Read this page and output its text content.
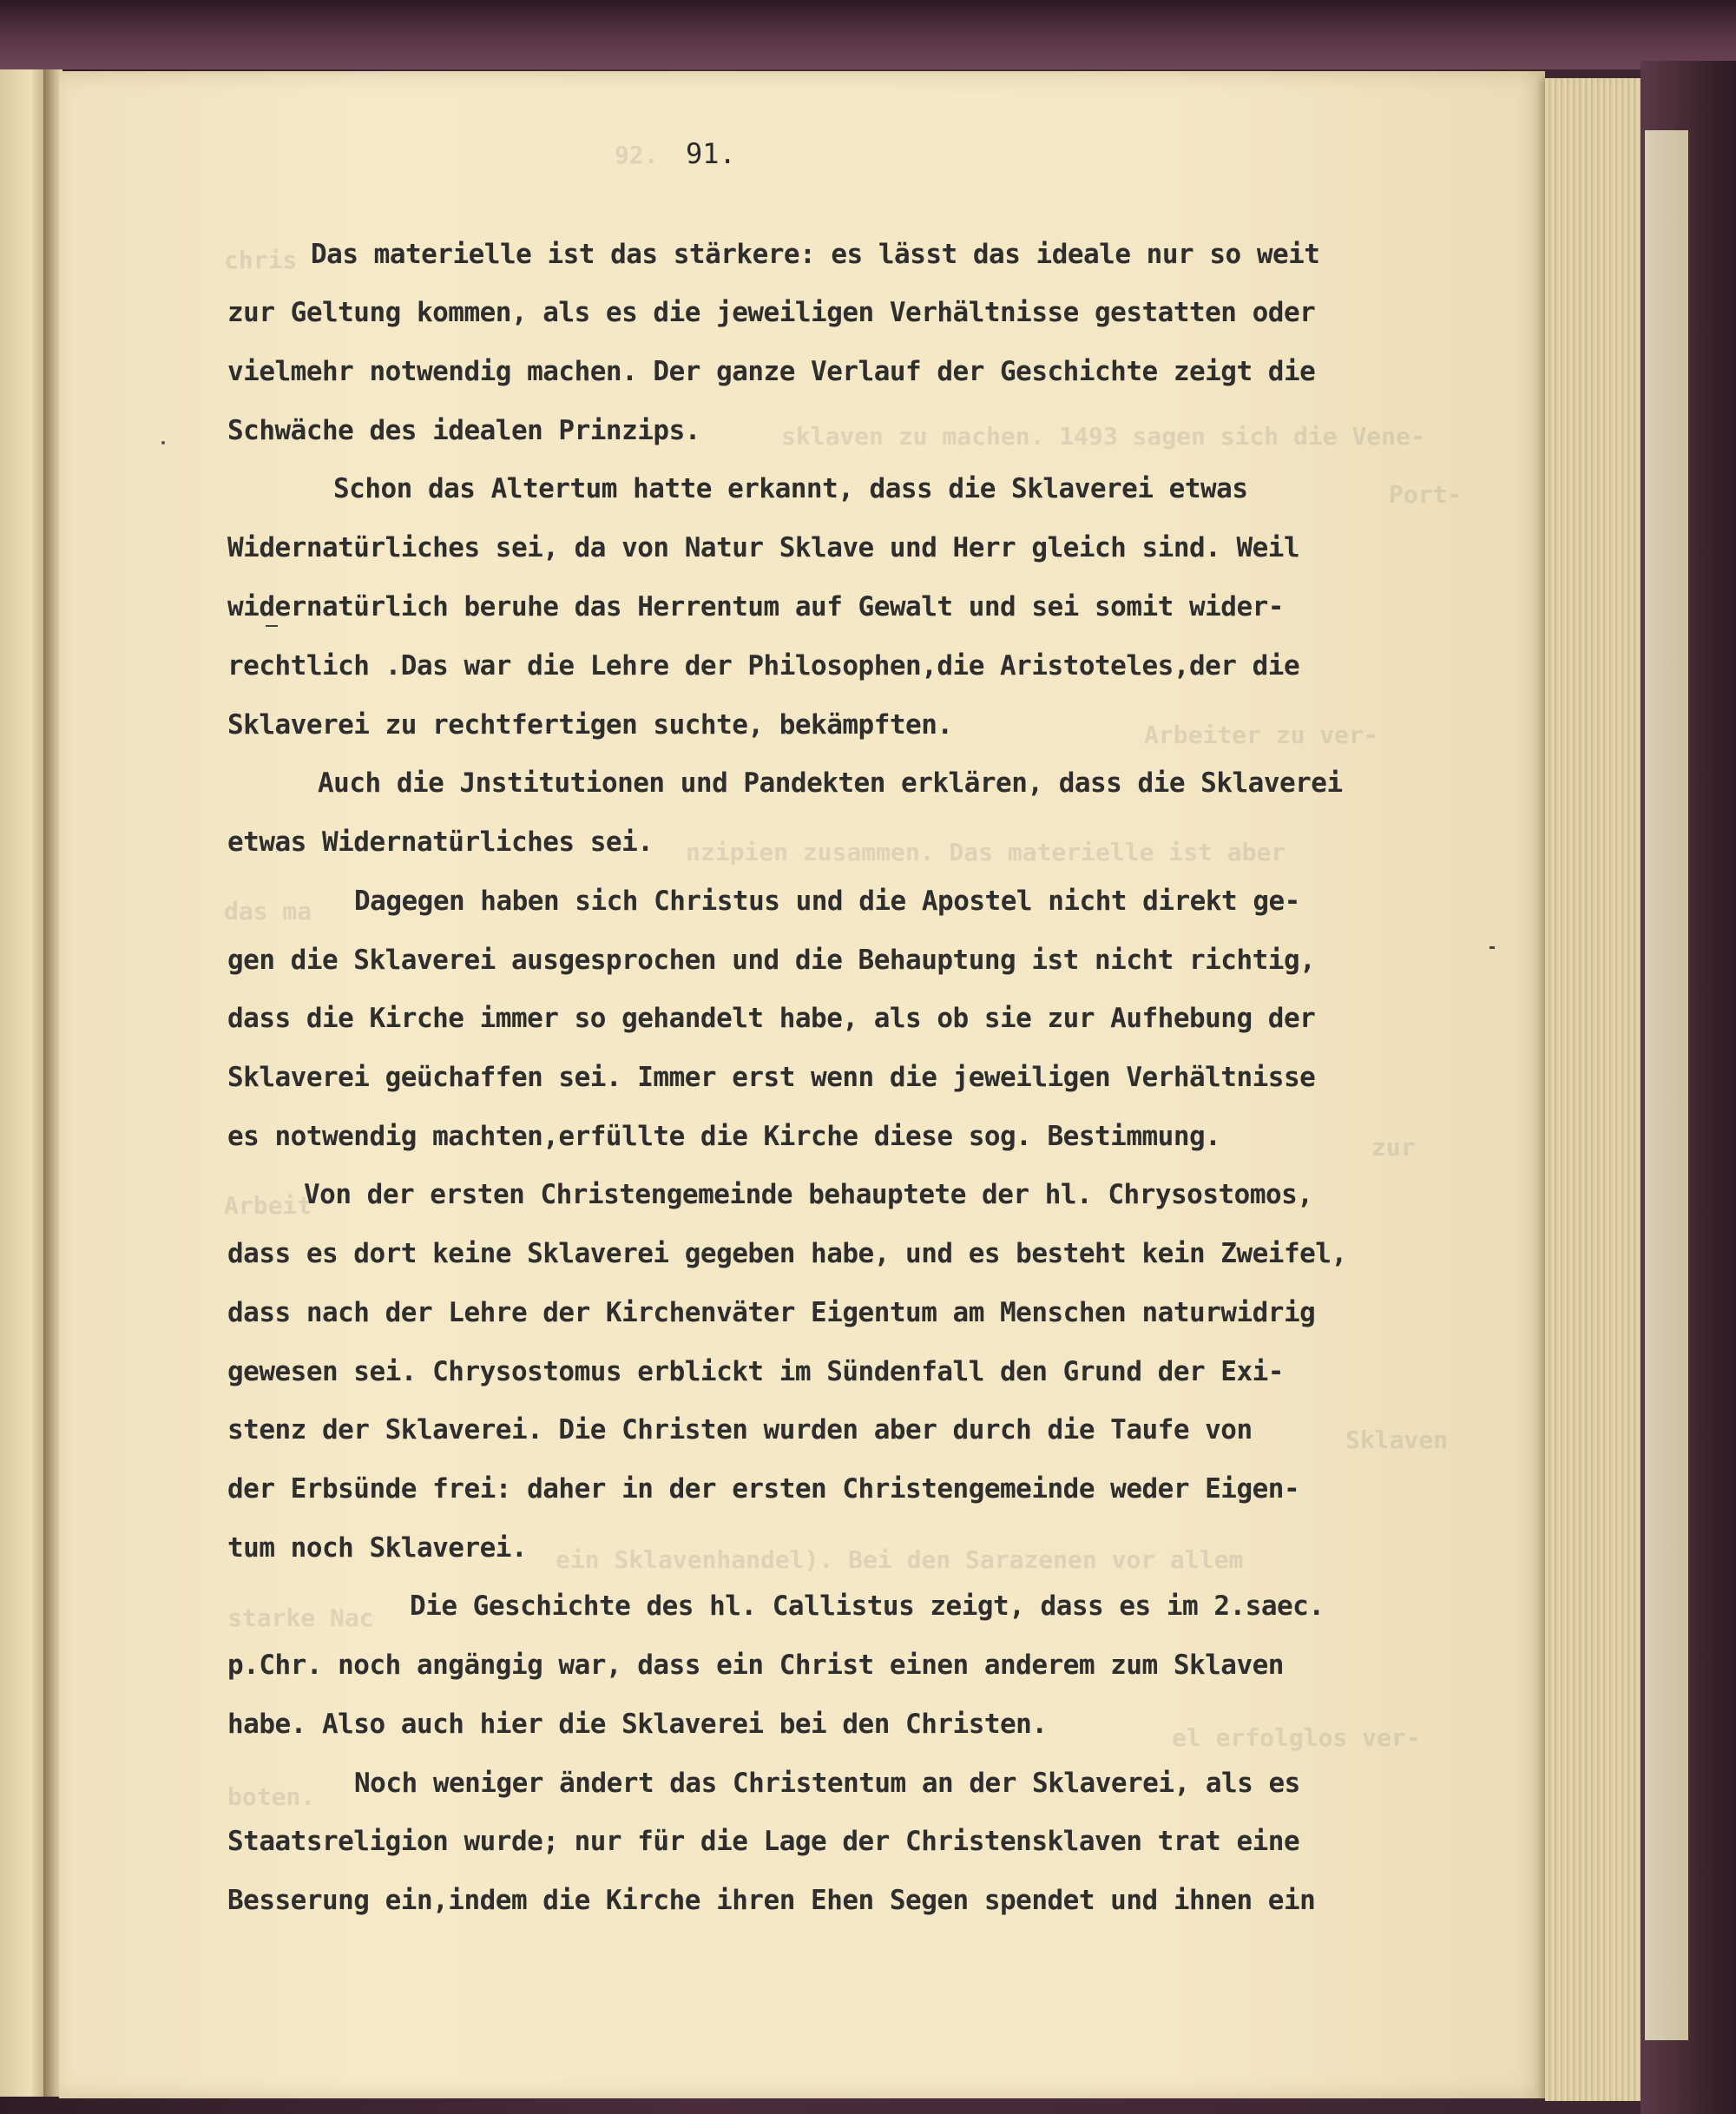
92.
chris
sklaven zu machen. 1493 sagen sich die Vene-
Port-
Arbeiter zu ver-
nzipien zusammen. Das materielle ist aber
das ma
Arbeit
zur
Sklaven
ein Sklavenhandel). Bei den Sarazenen vor allem
starke Nac
el erfolglos ver-
boten.
91.
Das materielle ist das stärkere: es lässt das ideale nur so weit
zur Geltung kommen, als es die jeweiligen Verhältnisse gestatten oder
vielmehr notwendig machen. Der ganze Verlauf der Geschichte zeigt die
Schwäche des idealen Prinzips.
Schon das Altertum hatte erkannt, dass die Sklaverei etwas
Widernatürliches sei, da von Natur Sklave und Herr gleich sind. Weil
widernatürlich beruhe das Herrentum auf Gewalt und sei somit wider-
rechtlich .Das war die Lehre der Philosophen,die Aristoteles,der die
Sklaverei zu rechtfertigen suchte, bekämpften.
Auch die Jnstitutionen und Pandekten erklären, dass die Sklaverei
etwas Widernatürliches sei.
Dagegen haben sich Christus und die Apostel nicht direkt ge-
gen die Sklaverei ausgesprochen und die Behauptung ist nicht richtig,
dass die Kirche immer so gehandelt habe, als ob sie zur Aufhebung der
Sklaverei geüchaffen sei. Immer erst wenn die jeweiligen Verhältnisse
es notwendig machten,erfüllte die Kirche diese sog. Bestimmung.
Von der ersten Christengemeinde behauptete der hl. Chrysostomos,
dass es dort keine Sklaverei gegeben habe, und es besteht kein Zweifel,
dass nach der Lehre der Kirchenväter Eigentum am Menschen naturwidrig
gewesen sei. Chrysostomus erblickt im Sündenfall den Grund der Exi-
stenz der Sklaverei. Die Christen wurden aber durch die Taufe von
der Erbsünde frei: daher in der ersten Christengemeinde weder Eigen-
tum noch Sklaverei.
Die Geschichte des hl. Callistus zeigt, dass es im 2.saec.
p.Chr. noch angängig war, dass ein Christ einen anderem zum Sklaven
habe. Also auch hier die Sklaverei bei den Christen.
Noch weniger ändert das Christentum an der Sklaverei, als es
Staatsreligion wurde; nur für die Lage der Christensklaven trat eine
Besserung ein,indem die Kirche ihren Ehen Segen spendet und ihnen ein
